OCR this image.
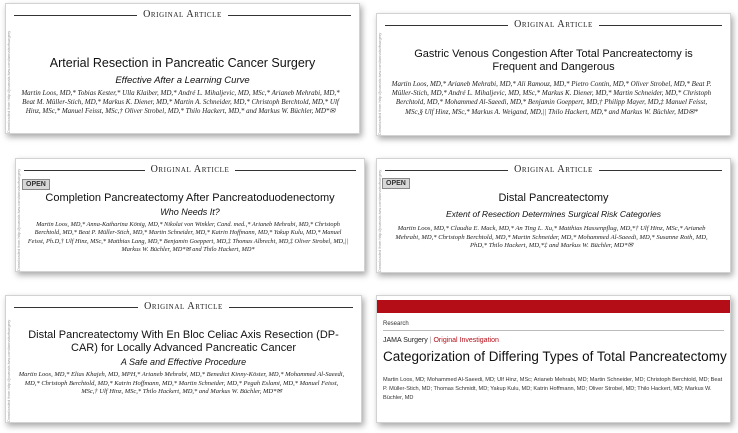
Downloaded from http://journals.lww.com/annalsofsurgery
Original Article
Arterial Resection in Pancreatic Cancer Surgery
Effective After a Learning Curve
Martin Loos, MD,* Tobias Kester,* Ulla Klaiber, MD,* André L. Mihaljevic, MD, MSc,* Arianeb Mehrabi, MD,* Beat M. Müller-Stich, MD,* Markus K. Diener, MD,* Martin A. Schneider, MD,* Christoph Berchtold, MD,* Ulf Hinz, MSc,* Manuel Feisst, MSc,† Oliver Strobel, MD,* Thilo Hackert, MD,* and Markus W. Büchler, MD*✉	Downloaded from http://journals.lww.com/annalsofsurgery
Original Article
Gastric Venous Congestion After Total Pancreatectomy is Frequent and Dangerous
Martin Loos, MD,* Arianeb Mehrabi, MD,* Ali Ramouz, MD,* Pietro Contin, MD,* Oliver Strobel, MD,* Beat P. Müller-Stich, MD,* André L. Mihaljevic, MD, MSc,* Markus K. Diener, MD,* Martin Schneider, MD,* Christoph Berchtold, MD,* Mohammed Al-Saeedi, MD,* Benjamin Goeppert, MD,† Philipp Mayer, MD,‡ Manuel Feisst, MSc,§ Ulf Hinz, MSc,* Markus A. Weigand, MD,|| Thilo Hackert, MD,* and Markus W. Büchler, MD✉*
Downloaded from http://journals.lww.com/annalsofsurgery	Original Article
OPEN
Completion Pancreatectomy After Pancreatoduodenectomy
Who Needs It?
Martin Loos, MD,* Anna-Katharina König, MD,* Nikolai von Winkler, Cand. med.,* Arianeb Mehrabi, MD,* Christoph Berchtold, MD,* Beat P. Müller-Stich, MD,* Martin Schneider, MD,* Katrin Hoffmann, MD,* Yakup Kulu, MD,* Manuel Feisst, Ph.D,† Ulf Hinz, MSc,* Matthias Lang, MD,* Benjamin Goeppert, MD,‡ Thomas Albrecht, MD,‡ Oliver Strobel, MD,|| Markus W. Büchler, MD*✉ and Thilo Hackert, MD*	Downloaded from http://journals.lww.com/annalsofsurgery
Original Article
OPEN
Distal Pancreatectomy
Extent of Resection Determines Surgical Risk Categories
Martin Loos, MD,* Claudia E. Mack, MD,* An Ting L. Xu,* Matthias Hassenpflug, MD,*† Ulf Hinz, MSc,* Arianeb Mehrabi, MD,* Christoph Berchtold, MD,* Martin Schneider, MD,* Mohammed Al-Saeedi, MD,* Susanne Roth, MD, PhD,* Thilo Hackert, MD,*‡ and Markus W. Büchler, MD*✉
Downloaded from http://journals.lww.com/annalsofsurgery
Original Article
Distal Pancreatectomy With En Bloc Celiac Axis Resection (DP-CAR) for Locally Advanced Pancreatic Cancer
A Safe and Effective Procedure
Martin Loos, MD,* Elias Khajeh, MD, MPH,* Arianeb Mehrabi, MD,* Benedict Kinny-Köster, MD,* Mohammed Al-Saeedi, MD,* Christoph Berchtold, MD,* Katrin Hoffmann, MD,* Martin Schneider, MD,* Pegah Eslami, MD,* Manuel Feisst, MSc,† Ulf Hinz, MSc,* Thilo Hackert, MD,* and Markus W. Büchler, MD*✉
Research
JAMA Surgery | Original Investigation
Categorization of Differing Types of Total Pancreatectomy
Martin Loos, MD; Mohammed Al-Saeedi, MD; Ulf Hinz, MSc; Arianeb Mehrabi, MD; Martin Schneider, MD; Christoph Berchtold, MD; Beat P. Müller-Stich, MD; Thomas Schmidt, MD; Yakup Kulu, MD; Katrin Hoffmann, MD; Oliver Strobel, MD; Thilo Hackert, MD; Markus W. Büchler, MD
